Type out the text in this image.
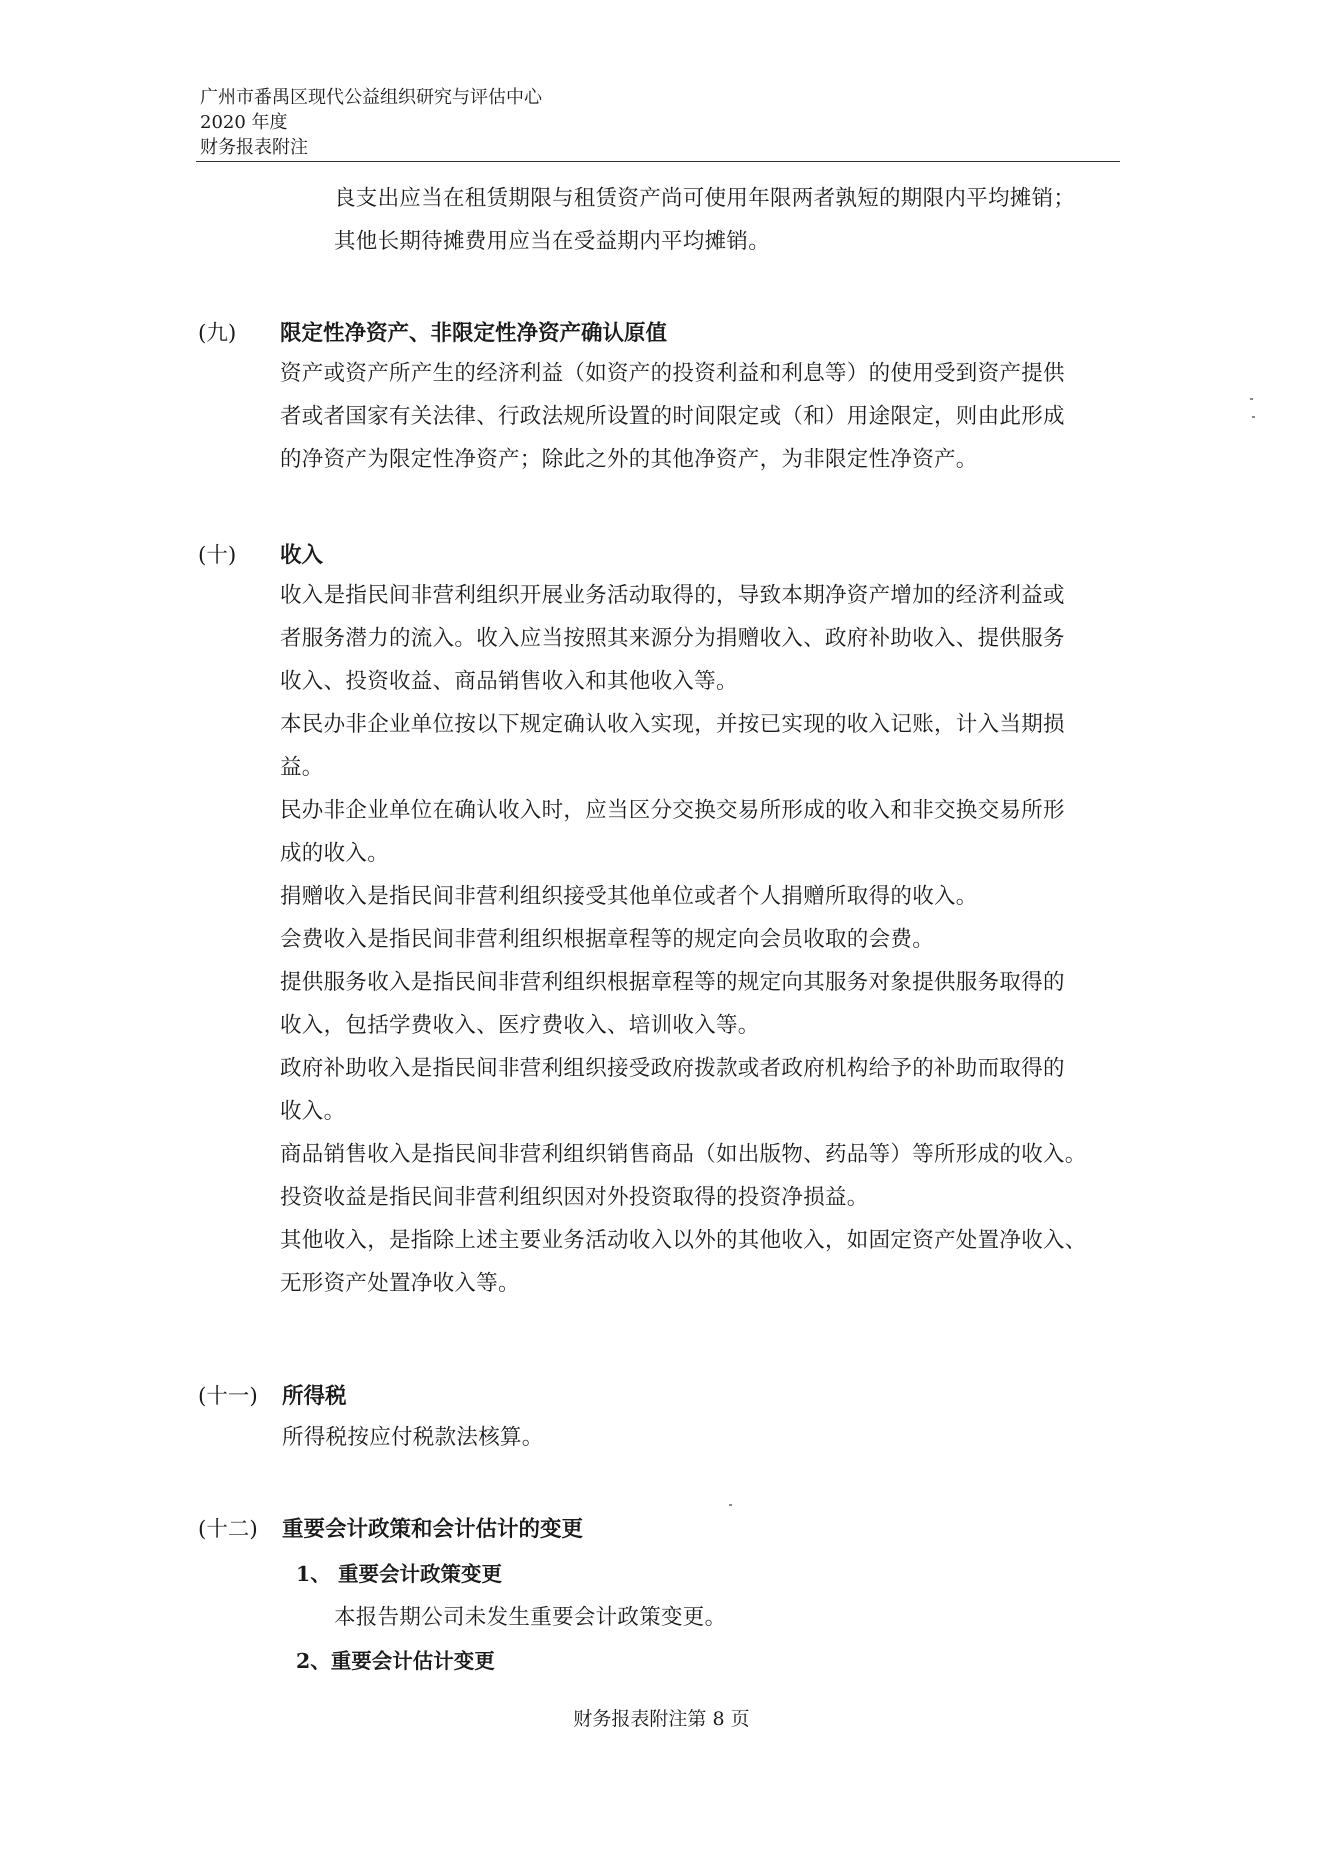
广州市番禺区现代公益组织研究与评估中心
2020 年度
财务报表附注
良支出应当在租赁期限与租赁资产尚可使用年限两者孰短的期限内平均摊销；
其他长期待摊费用应当在受益期内平均摊销。
(九) 限定性净资产、非限定性净资产确认原值
资产或资产所产生的经济利益（如资产的投资利益和利息等）的使用受到资产提供
者或者国家有关法律、行政法规所设置的时间限定或（和）用途限定，则由此形成
的净资产为限定性净资产；除此之外的其他净资产，为非限定性净资产。
(十) 收入
收入是指民间非营利组织开展业务活动取得的，导致本期净资产增加的经济利益或
者服务潜力的流入。收入应当按照其来源分为捐赠收入、政府补助收入、提供服务
收入、投资收益、商品销售收入和其他收入等。
本民办非企业单位按以下规定确认收入实现，并按已实现的收入记账，计入当期损
益。
民办非企业单位在确认收入时，应当区分交换交易所形成的收入和非交换交易所形
成的收入。
捐赠收入是指民间非营利组织接受其他单位或者个人捐赠所取得的收入。
会费收入是指民间非营利组织根据章程等的规定向会员收取的会费。
提供服务收入是指民间非营利组织根据章程等的规定向其服务对象提供服务取得的
收入，包括学费收入、医疗费收入、培训收入等。
政府补助收入是指民间非营利组织接受政府拨款或者政府机构给予的补助而取得的
收入。
商品销售收入是指民间非营利组织销售商品（如出版物、药品等）等所形成的收入。
投资收益是指民间非营利组织因对外投资取得的投资净损益。
其他收入，是指除上述主要业务活动收入以外的其他收入，如固定资产处置净收入、
无形资产处置净收入等。
(十一) 所得税
所得税按应付税款法核算。
(十二) 重要会计政策和会计估计的变更
1、 重要会计政策变更
本报告期公司未发生重要会计政策变更。
2、重要会计估计变更
财务报表附注第 8 页
